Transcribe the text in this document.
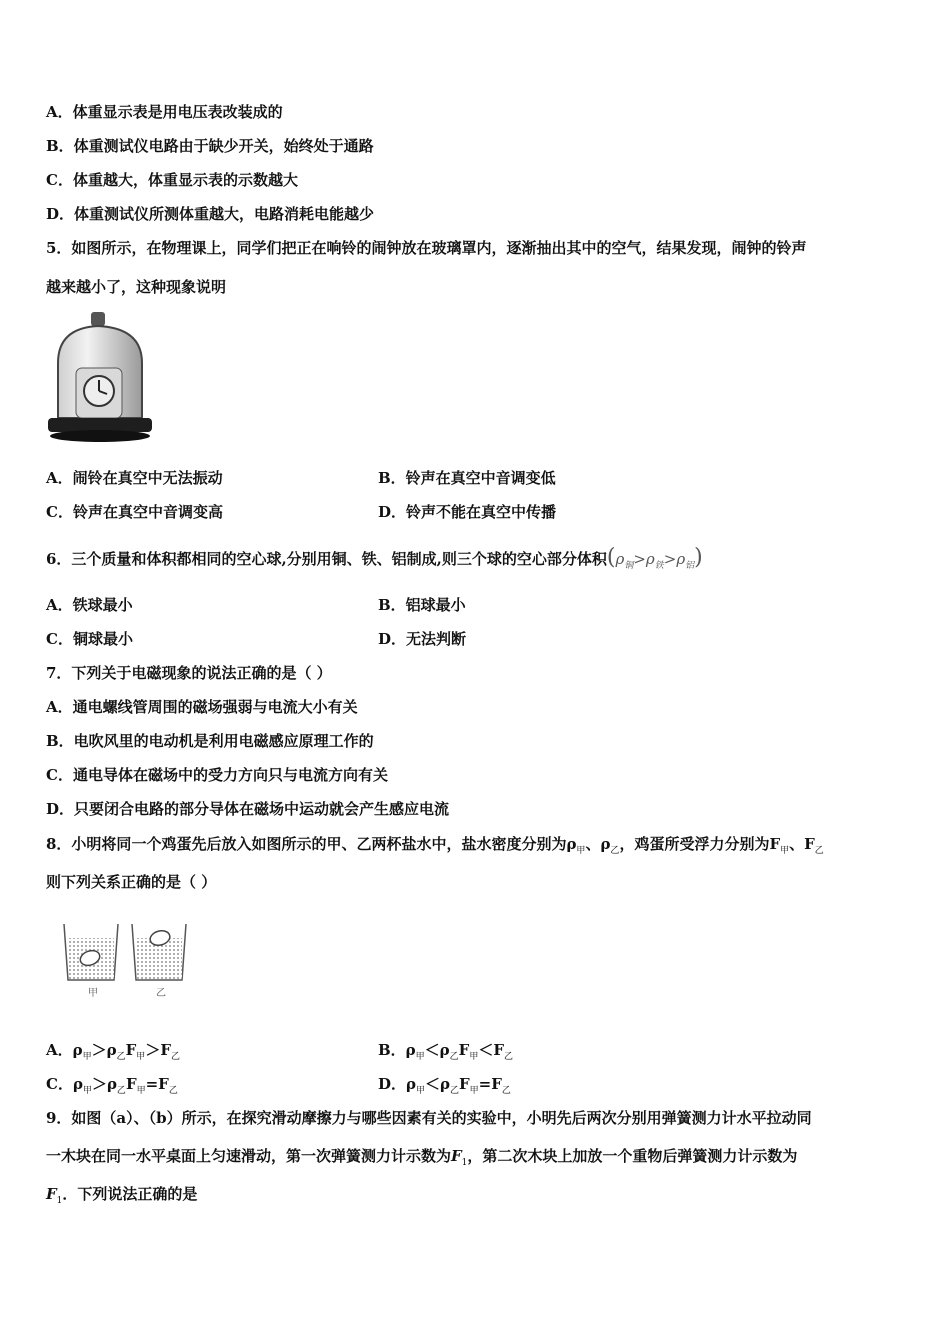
A．体重显示表是用电压表改装成的
B．体重测试仪电路由于缺少开关，始终处于通路
C．体重越大，体重显示表的示数越大
D．体重测试仪所测体重越大，电路消耗电能越少
5．如图所示，在物理课上，同学们把正在响铃的闹钟放在玻璃罩内，逐渐抽出其中的空气，结果发现，闹钟的铃声
越来越小了，这种现象说明
A．闹铃在真空中无法振动	B．铃声在真空中音调变低
C．铃声在真空中音调变高	D．铃声不能在真空中传播
6．三个质量和体积都相同的空心球,分别用铜、铁、铝制成,则三个球的空心部分体积$(\rho_铜>\rho_铁>\rho_铝)$
A．铁球最小	B．铝球最小
C．铜球最小	D．无法判断
7．下列关于电磁现象的说法正确的是（ ）
A．通电螺线管周围的磁场强弱与电流大小有关
B．电吹风里的电动机是利用电磁感应原理工作的
C．通电导体在磁场中的受力方向只与电流方向有关
D．只要闭合电路的部分导体在磁场中运动就会产生感应电流
8．小明将同一个鸡蛋先后放入如图所示的甲、乙两杯盐水中，盐水密度分别为$\rho_甲$、$\rho_乙$，鸡蛋所受浮力分别为$F_甲$、$F_乙$
则下列关系正确的是（ ）
甲	乙
A．$\rho_甲>\rho_乙F_甲>F_乙$	B．$\rho_甲<\rho_乙F_甲<F_乙$
C．$\rho_甲>\rho_乙F_甲=F_乙$	D．$\rho_甲<\rho_乙F_甲=F_乙$
9．如图（a）、（b）所示，在探究滑动摩擦力与哪些因素有关的实验中，小明先后两次分别用弹簧测力计水平拉动同
一木块在同一水平桌面上匀速滑动，第一次弹簧测力计示数为$F_1$，第二次木块上加放一个重物后弹簧测力计示数为
$F_1$．下列说法正确的是
